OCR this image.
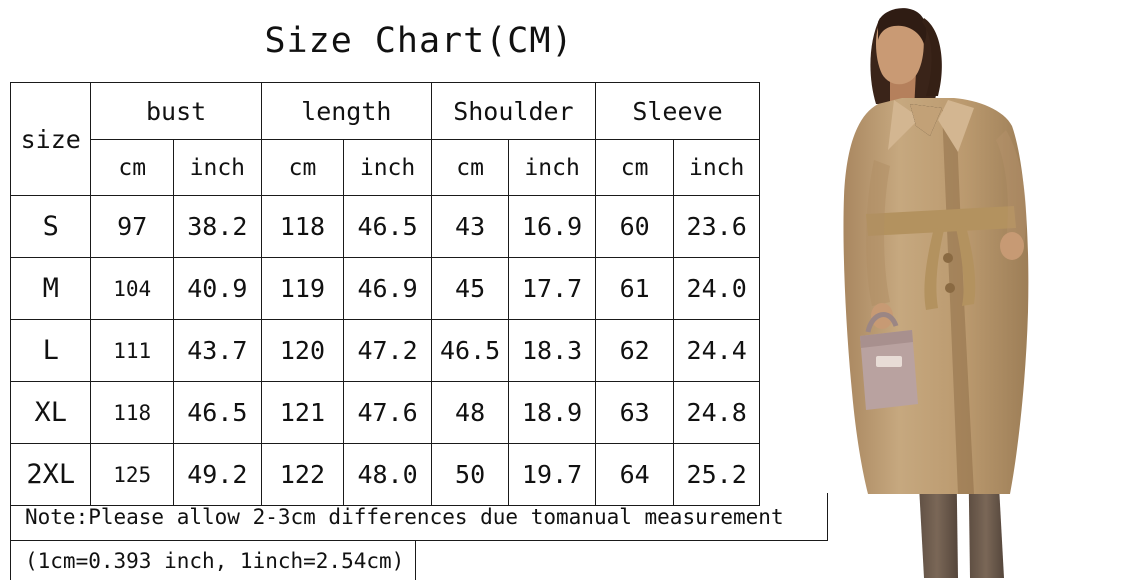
Size Chart(CM)
size	bust		length		Shoulder		Sleeve	
	cm	inch	cm	inch	cm	inch	cm	inch
S	97	38.2	118	46.5	43	16.9	60	23.6
M	104	40.9	119	46.9	45	17.7	61	24.0
L	111	43.7	120	47.2	46.5	18.3	62	24.4
XL	118	46.5	121	47.6	48	18.9	63	24.8
2XL	125	49.2	122	48.0	50	19.7	64	25.2
Note:Please allow 2-3cm differences due tomanual measurement
(1cm=0.393 inch, 1inch=2.54cm)
